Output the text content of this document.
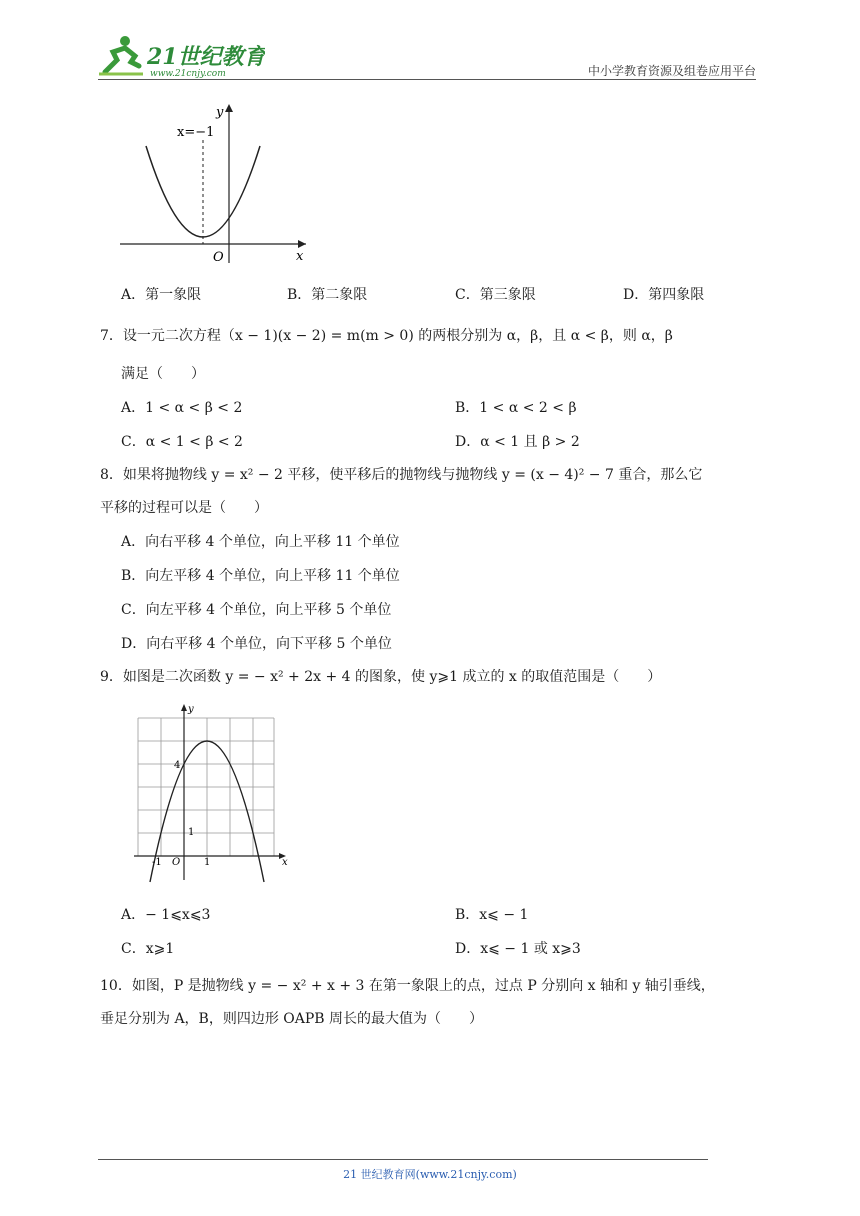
21世纪教育
www.21cnjy.com	中小学教育资源及组卷应用平台
x
y
O
x=−1
A．第一象限	B．第二象限	C．第三象限	D．第四象限
7．设一元二次方程（x − 1)(x − 2) = m(m > 0) 的两根分别为 α，β，且 α < β，则 α，β
满足（　　）
A．1 < α < β < 2	B．1 < α < 2 < β
C．α < 1 < β < 2	D．α < 1 且 β > 2
8．如果将抛物线 y = x² − 2 平移，使平移后的抛物线与抛物线 y = (x − 4)² − 7 重合，那么它
平移的过程可以是（　　）
A．向右平移 4 个单位，向上平移 11 个单位
B．向左平移 4 个单位，向上平移 11 个单位
C．向左平移 4 个单位，向上平移 5 个单位
D．向右平移 4 个单位，向下平移 5 个单位
9．如图是二次函数 y = − x² + 2x + 4 的图象，使 y⩾1 成立的 x 的取值范围是（　　）
y
x
O
4
1
1
-1
A．− 1⩽x⩽3	B．x⩽ − 1
C．x⩾1	D．x⩽ − 1 或 x⩾3
10．如图，P 是抛物线 y = − x² + x + 3 在第一象限上的点，过点 P 分别向 x 轴和 y 轴引垂线，
垂足分别为 A，B，则四边形 OAPB 周长的最大值为（　　）
21 世纪教育网(www.21cnjy.com)
